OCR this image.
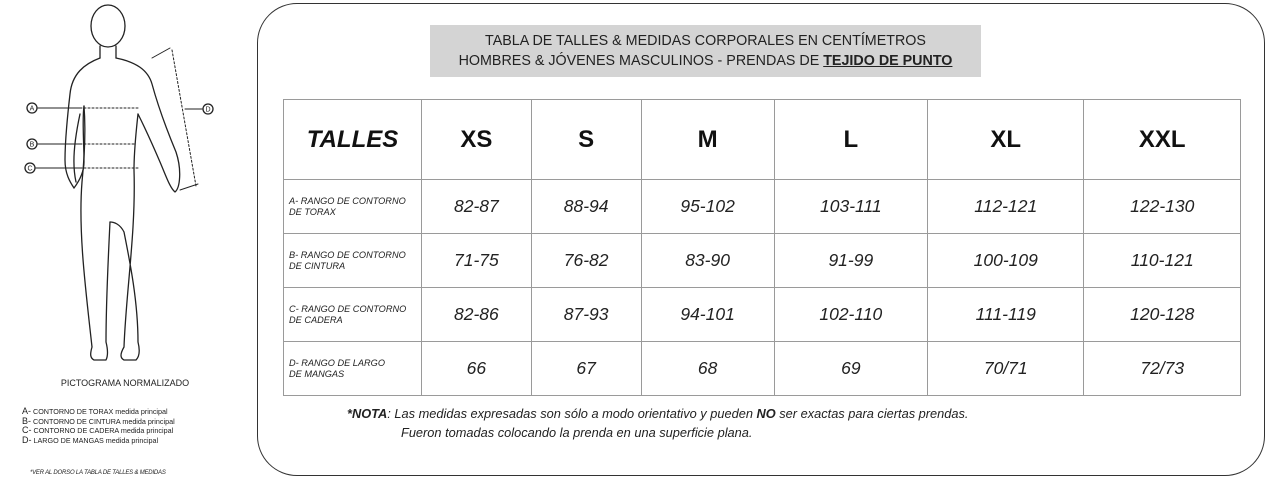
A
B
C
D
PICTOGRAMA NORMALIZADO
A- CONTORNO DE TORAX medida principal
B- CONTORNO DE CINTURA medida principal
C- CONTORNO DE CADERA medida principal
D- LARGO DE MANGAS medida principal
*VER AL DORSO LA TABLA DE TALLES & MEDIDAS
TABLA DE TALLES & MEDIDAS CORPORALES EN CENTÍMETROS
HOMBRES & JÓVENES MASCULINOS - PRENDAS DE TEJIDO DE PUNTO
TALLES	XS	S	M	L	XL	XXL
A- RANGO DE CONTORNO
DE TORAX	82-87	88-94	95-102	103-111	112-121	122-130
B- RANGO DE CONTORNO
DE CINTURA	71-75	76-82	83-90	91-99	100-109	110-121
C- RANGO DE CONTORNO
DE CADERA	82-86	87-93	94-101	102-110	111-119	120-128
D- RANGO DE LARGO
DE MANGAS	66	67	68	69	70/71	72/73
*NOTA: Las medidas expresadas son sólo a modo orientativo y pueden NO ser exactas para ciertas prendas.
Fueron tomadas colocando la prenda en una superficie plana.
